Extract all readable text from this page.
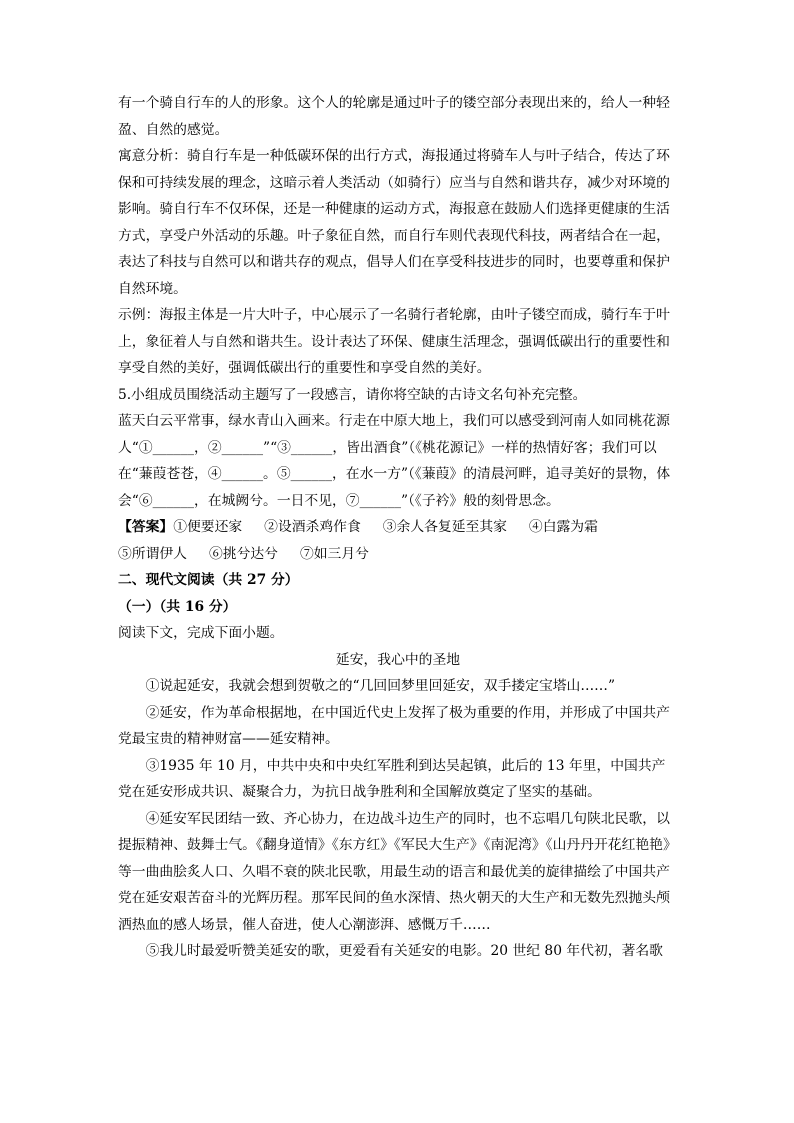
有一个骑自行车的人的形象。这个人的轮廓是通过叶子的镂空部分表现出来的，给人一种轻盈、自然的感觉。

寓意分析：骑自行车是一种低碳环保的出行方式，海报通过将骑车人与叶子结合，传达了环保和可持续发展的理念，这暗示着人类活动（如骑行）应当与自然和谐共存，减少对环境的影响。骑自行车不仅环保，还是一种健康的运动方式，海报意在鼓励人们选择更健康的生活方式，享受户外活动的乐趣。叶子象征自然，而自行车则代表现代科技，两者结合在一起，表达了科技与自然可以和谐共存的观点，倡导人们在享受科技进步的同时，也要尊重和保护自然环境。

示例：海报主体是一片大叶子，中心展示了一名骑行者轮廓，由叶子镂空而成，骑行车于叶上，象征着人与自然和谐共生。设计表达了环保、健康生活理念，强调低碳出行的重要性和享受自然的美好，强调低碳出行的重要性和享受自然的美好。

5.小组成员围绕活动主题写了一段感言，请你将空缺的古诗文名句补充完整。

蓝天白云平常事，绿水青山入画来。行走在中原大地上，我们可以感受到河南人如同桃花源人“①______，②______”“③______，皆出酒食”（《桃花源记》一样的热情好客；我们可以在“蒹葭苍苍，④______。⑤______，在水一方”（《蒹葭》的清晨河畔，追寻美好的景物，体会“⑥______，在城阙兮。一日不见，⑦______”（《子衿》般的刻骨思念。

【答案】①便要还家 ②设酒杀鸡作食 ③余人各复延至其家 ④白露为霜

⑤所谓伊人 ⑥挑兮达兮 ⑦如三月兮

二、现代文阅读（共 27 分）

（一）（共 16 分）

阅读下文，完成下面小题。

延安，我心中的圣地

①说起延安，我就会想到贺敬之的“几回回梦里回延安，双手搂定宝塔山……”

②延安，作为革命根据地，在中国近代史上发挥了极为重要的作用，并形成了中国共产党最宝贵的精神财富——延安精神。

③1935 年 10 月，中共中央和中央红军胜利到达吴起镇，此后的 13 年里，中国共产党在延安形成共识、凝聚合力，为抗日战争胜利和全国解放奠定了坚实的基础。

④延安军民团结一致、齐心协力，在边战斗边生产的同时，也不忘唱几句陕北民歌，以提振精神、鼓舞士气。《翻身道情》《东方红》《军民大生产》《南泥湾》《山丹丹开花红艳艳》等一曲曲脍炙人口、久唱不衰的陕北民歌，用最生动的语言和最优美的旋律描绘了中国共产党在延安艰苦奋斗的光辉历程。那军民间的鱼水深情、热火朝天的大生产和无数先烈抛头颅洒热血的感人场景，催人奋进，使人心潮澎湃、感慨万千……

⑤我儿时最爱听赞美延安的歌，更爱看有关延安的电影。20 世纪 80 年代初，著名歌
